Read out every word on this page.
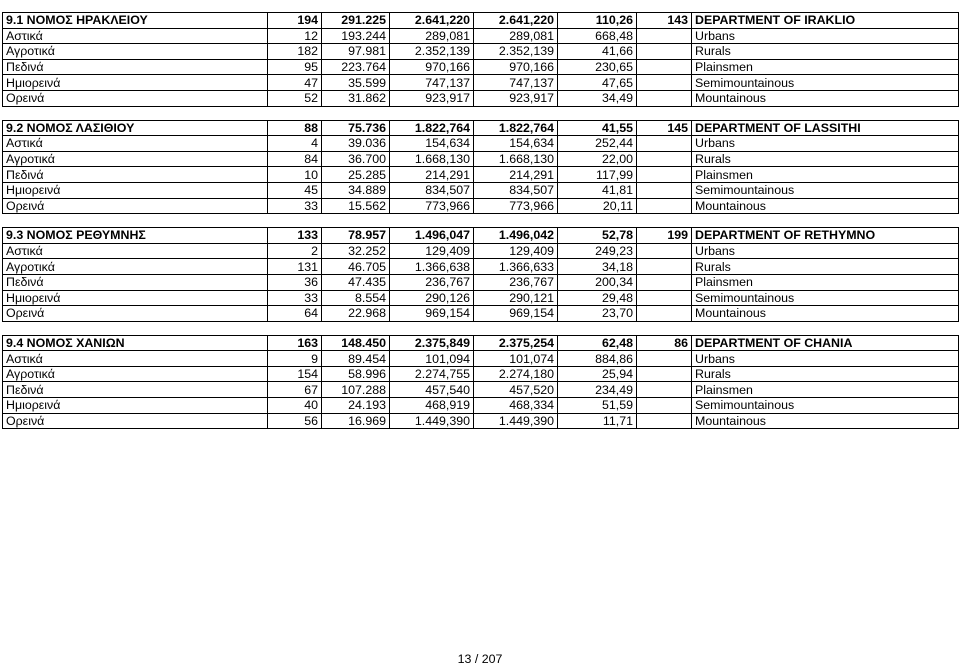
9.1 ΝΟΜΟΣ ΗΡΑΚΛΕΙΟΥ	194	291.225	2.641,220	2.641,220	110,26	143	DEPARTMENT OF IRAKLIO
Αστικά	12	193.244	289,081	289,081	668,48		Urbans
Αγροτικά	182	97.981	2.352,139	2.352,139	41,66		Rurals
Πεδινά	95	223.764	970,166	970,166	230,65		Plainsmen
Ημιορεινά	47	35.599	747,137	747,137	47,65		Semimountainous
Ορεινά	52	31.862	923,917	923,917	34,49		Mountainous

9.2 ΝΟΜΟΣ ΛΑΣΙΘΙΟΥ	88	75.736	1.822,764	1.822,764	41,55	145	DEPARTMENT OF LASSITHI
Αστικά	4	39.036	154,634	154,634	252,44		Urbans
Αγροτικά	84	36.700	1.668,130	1.668,130	22,00		Rurals
Πεδινά	10	25.285	214,291	214,291	117,99		Plainsmen
Ημιορεινά	45	34.889	834,507	834,507	41,81		Semimountainous
Ορεινά	33	15.562	773,966	773,966	20,11		Mountainous

9.3 ΝΟΜΟΣ ΡΕΘΥΜΝΗΣ	133	78.957	1.496,047	1.496,042	52,78	199	DEPARTMENT OF RETHYMNO
Αστικά	2	32.252	129,409	129,409	249,23		Urbans
Αγροτικά	131	46.705	1.366,638	1.366,633	34,18		Rurals
Πεδινά	36	47.435	236,767	236,767	200,34		Plainsmen
Ημιορεινά	33	8.554	290,126	290,121	29,48		Semimountainous
Ορεινά	64	22.968	969,154	969,154	23,70		Mountainous

9.4 ΝΟΜΟΣ ΧΑΝΙΩΝ	163	148.450	2.375,849	2.375,254	62,48	86	DEPARTMENT OF CHANIA
Αστικά	9	89.454	101,094	101,074	884,86		Urbans
Αγροτικά	154	58.996	2.274,755	2.274,180	25,94		Rurals
Πεδινά	67	107.288	457,540	457,520	234,49		Plainsmen
Ημιορεινά	40	24.193	468,919	468,334	51,59		Semimountainous
Ορεινά	56	16.969	1.449,390	1.449,390	11,71		Mountainous
13 / 207
